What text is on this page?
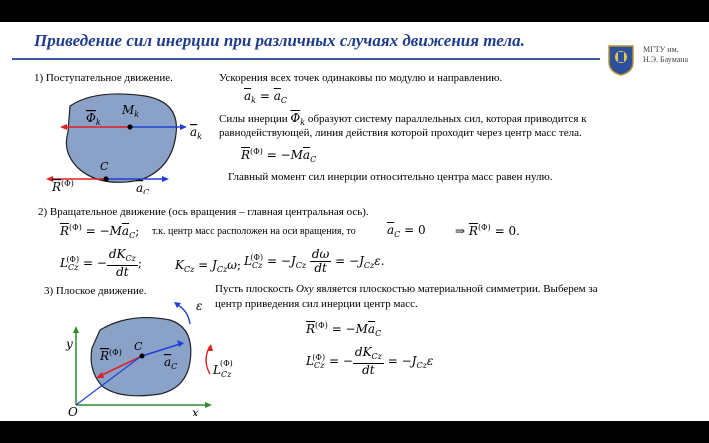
Приведение сил инерции при различных случаях движения тела.	МГТУ им.
Н.Э. Баумана
1) Поступательное движение.
$\Phi_k$
$M_k$
$a_k$
C
$R^{(\Phi)}$	$a_C$
Ускорения всех точек одинаковы по модулю и направлению.
$\overline{a}_k = \overline{a}_C$
Силы инерции $\overline{\Phi}_k$ образуют систему параллельных сил, которая приводится к
равнодействующей, линия действия которой проходит через центр масс тела.
$\overline{R}^{(\Phi)} = -M\overline{a}_C$
Главный момент сил инерции относительно центра масс равен нулю.
2) Вращательное движение (ось вращения – главная центральная ось).
$\overline{R}^{(\Phi)} = -M\overline{a}_C$; т.к. центр масс расположен на оси вращения, то	$\overline{a}_C = 0$ ⇒ $\overline{R}^{(\Phi)} = 0$.
$L_{Cz}^{(\Phi)}$ = −
$dK_{Cz}$
dt
;	$K_{Cz} = J_{Cz}\omega$; $L_{Cz}^{(\Phi)} = -J_{Cz} \frac{d\omega}{dt} = -J_{Cz}\varepsilon$.
3) Плоское движение.
y
x
O
ε
C
$R^{(\Phi)}$
$a_C$	$L_{Cz}$
(Φ)
Пусть плоскость Oxy является плоскостью материальной симметрии. Выберем за
центр приведения сил инерции центр масс.
$\overline{R}^{(\Phi)} = -M\overline{a}_C$
$L_{Cz}^{(\Phi)}$ = −
$dK_{Cz}$
dt
= $-J_{Cz}\varepsilon$
